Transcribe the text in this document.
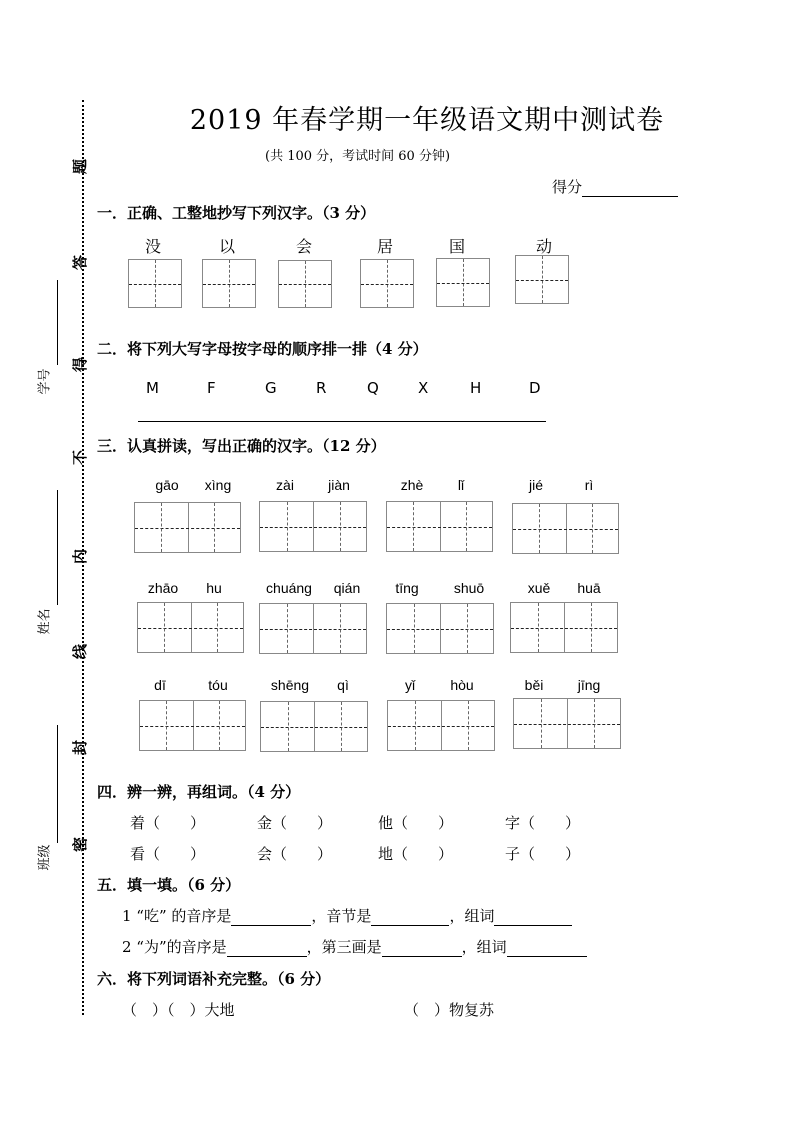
题
答
得
不
内
线
封
密
学号
姓名
班级
2019 年春学期一年级语文期中测试卷
(共 100 分，考试时间 60 分钟)
得分
一．正确、工整地抄写下列汉字。（3 分）
没	以	会	居	国	动
二．将下列大写字母按字母的顺序排一排（4 分）
M	F	G	R	Q	X	H	D
三．认真拼读，写出正确的汉字。（12 分）
gāo	xìng	zài	jiàn	zhè	lǐ	jié	rì
zhāo	hu	chuáng	qián	tīng	shuō	xuě	huā
dī	tóu	shēng	qì	yǐ	hòu	běi	jīng
四．辨一辨，再组词。（4 分）
着（　　）	金（　　）	他（　　）	字（　　）
看（　　）	会（　　）	地（　　）	子（　　）
五．填一填。（6 分）
1 “吃” 的音序是	，音节是	，组词
2 “为”的音序是	，第三画是	，组词
六．将下列词语补充完整。（6 分）
（　）（　）大地	（　）物复苏
